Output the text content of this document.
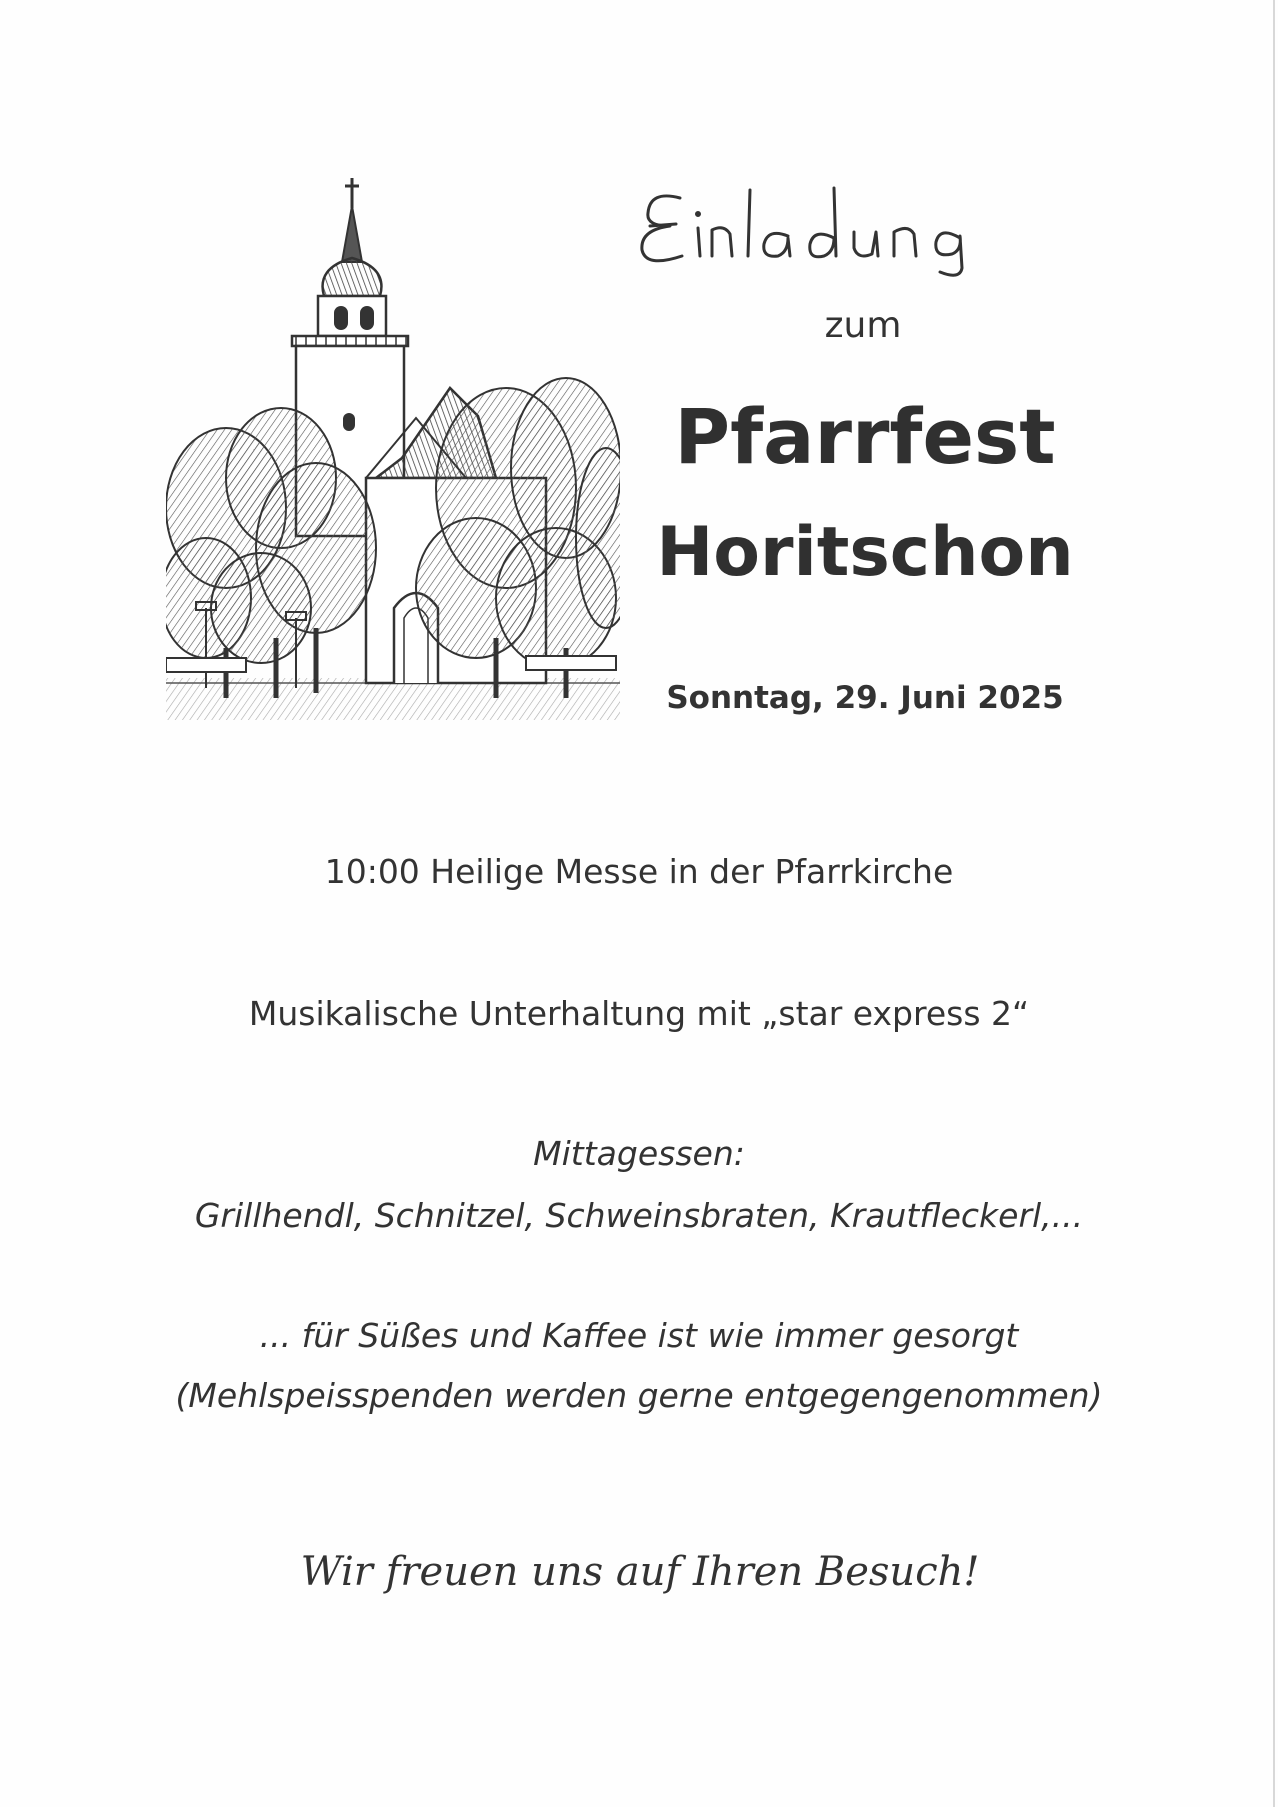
zum
Pfarrfest
Horitschon
Sonntag, 29. Juni 2025
10:00 Heilige Messe in der Pfarrkirche
Musikalische Unterhaltung mit „star express 2“
Mittagessen:
Grillhendl, Schnitzel, Schweinsbraten, Krautfleckerl,...
... für Süßes und Kaffee ist wie immer gesorgt
(Mehlspeisspenden werden gerne entgegengenommen)
Wir freuen uns auf Ihren Besuch!
